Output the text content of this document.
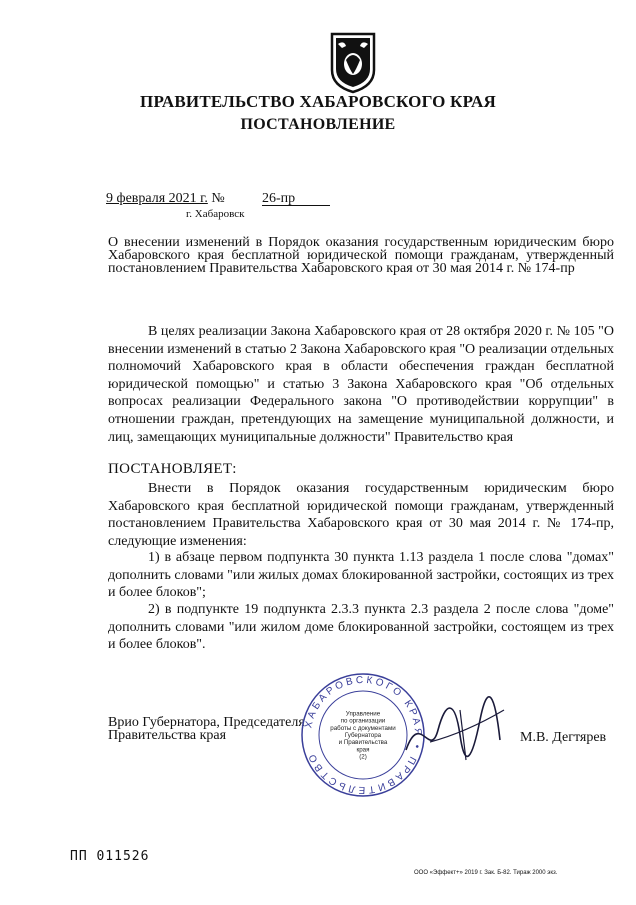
ПРАВИТЕЛЬСТВО ХАБАРОВСКОГО КРАЯ
ПОСТАНОВЛЕНИЕ
9 февраля 2021 г. №	26-пр
г. Хабаровск
О внесении изменений в Порядок оказания государственным юридическим бюро Хабаровского края бесплатной юридической помощи гражданам, утвержденный постановлением Правительства Хабаровского края от 30 мая 2014 г. № 174-пр
В целях реализации Закона Хабаровского края от 28 октября 2020 г. № 105 "О внесении изменений в статью 2 Закона Хабаровского края "О реализации отдельных полномочий Хабаровского края в области обеспечения граждан бесплатной юридической помощью" и статью 3 Закона Хабаровского края "Об отдельных вопросах реализации Федерального закона "О противодействии коррупции" в отношении граждан, претендующих на замещение муниципальной должности, и лиц, замещающих муниципальные должности" Правительство края
ПОСТАНОВЛЯЕТ:
Внести в Порядок оказания государственным юридическим бюро Хабаровского края бесплатной юридической помощи гражданам, утвержденный постановлением Правительства Хабаровского края от 30 мая 2014 г. № 174-пр, следующие изменения:
1) в абзаце первом подпункта 30 пункта 1.13 раздела 1 после слова "домах" дополнить словами "или жилых домах блокированной застройки, состоящих из трех и более блоков";
2) в подпункте 19 подпункта 2.3.3 пункта 2.3 раздела 2 после слова "доме" дополнить словами "или жилом доме блокированной застройки, состоящем из трех и более блоков".
Врио Губернатора, Председателя
Правительства края
ХАБАРОВСКОГО КРАЯ • ПРАВИТЕЛЬСТВО
Управление
по организации
работы с документами
Губернатора
и Правительства
края
(2)
М.В. Дегтярев
ПП 011526
ООО «Эффект+» 2019 г. Зак. Б-82. Тираж 2000 экз.
